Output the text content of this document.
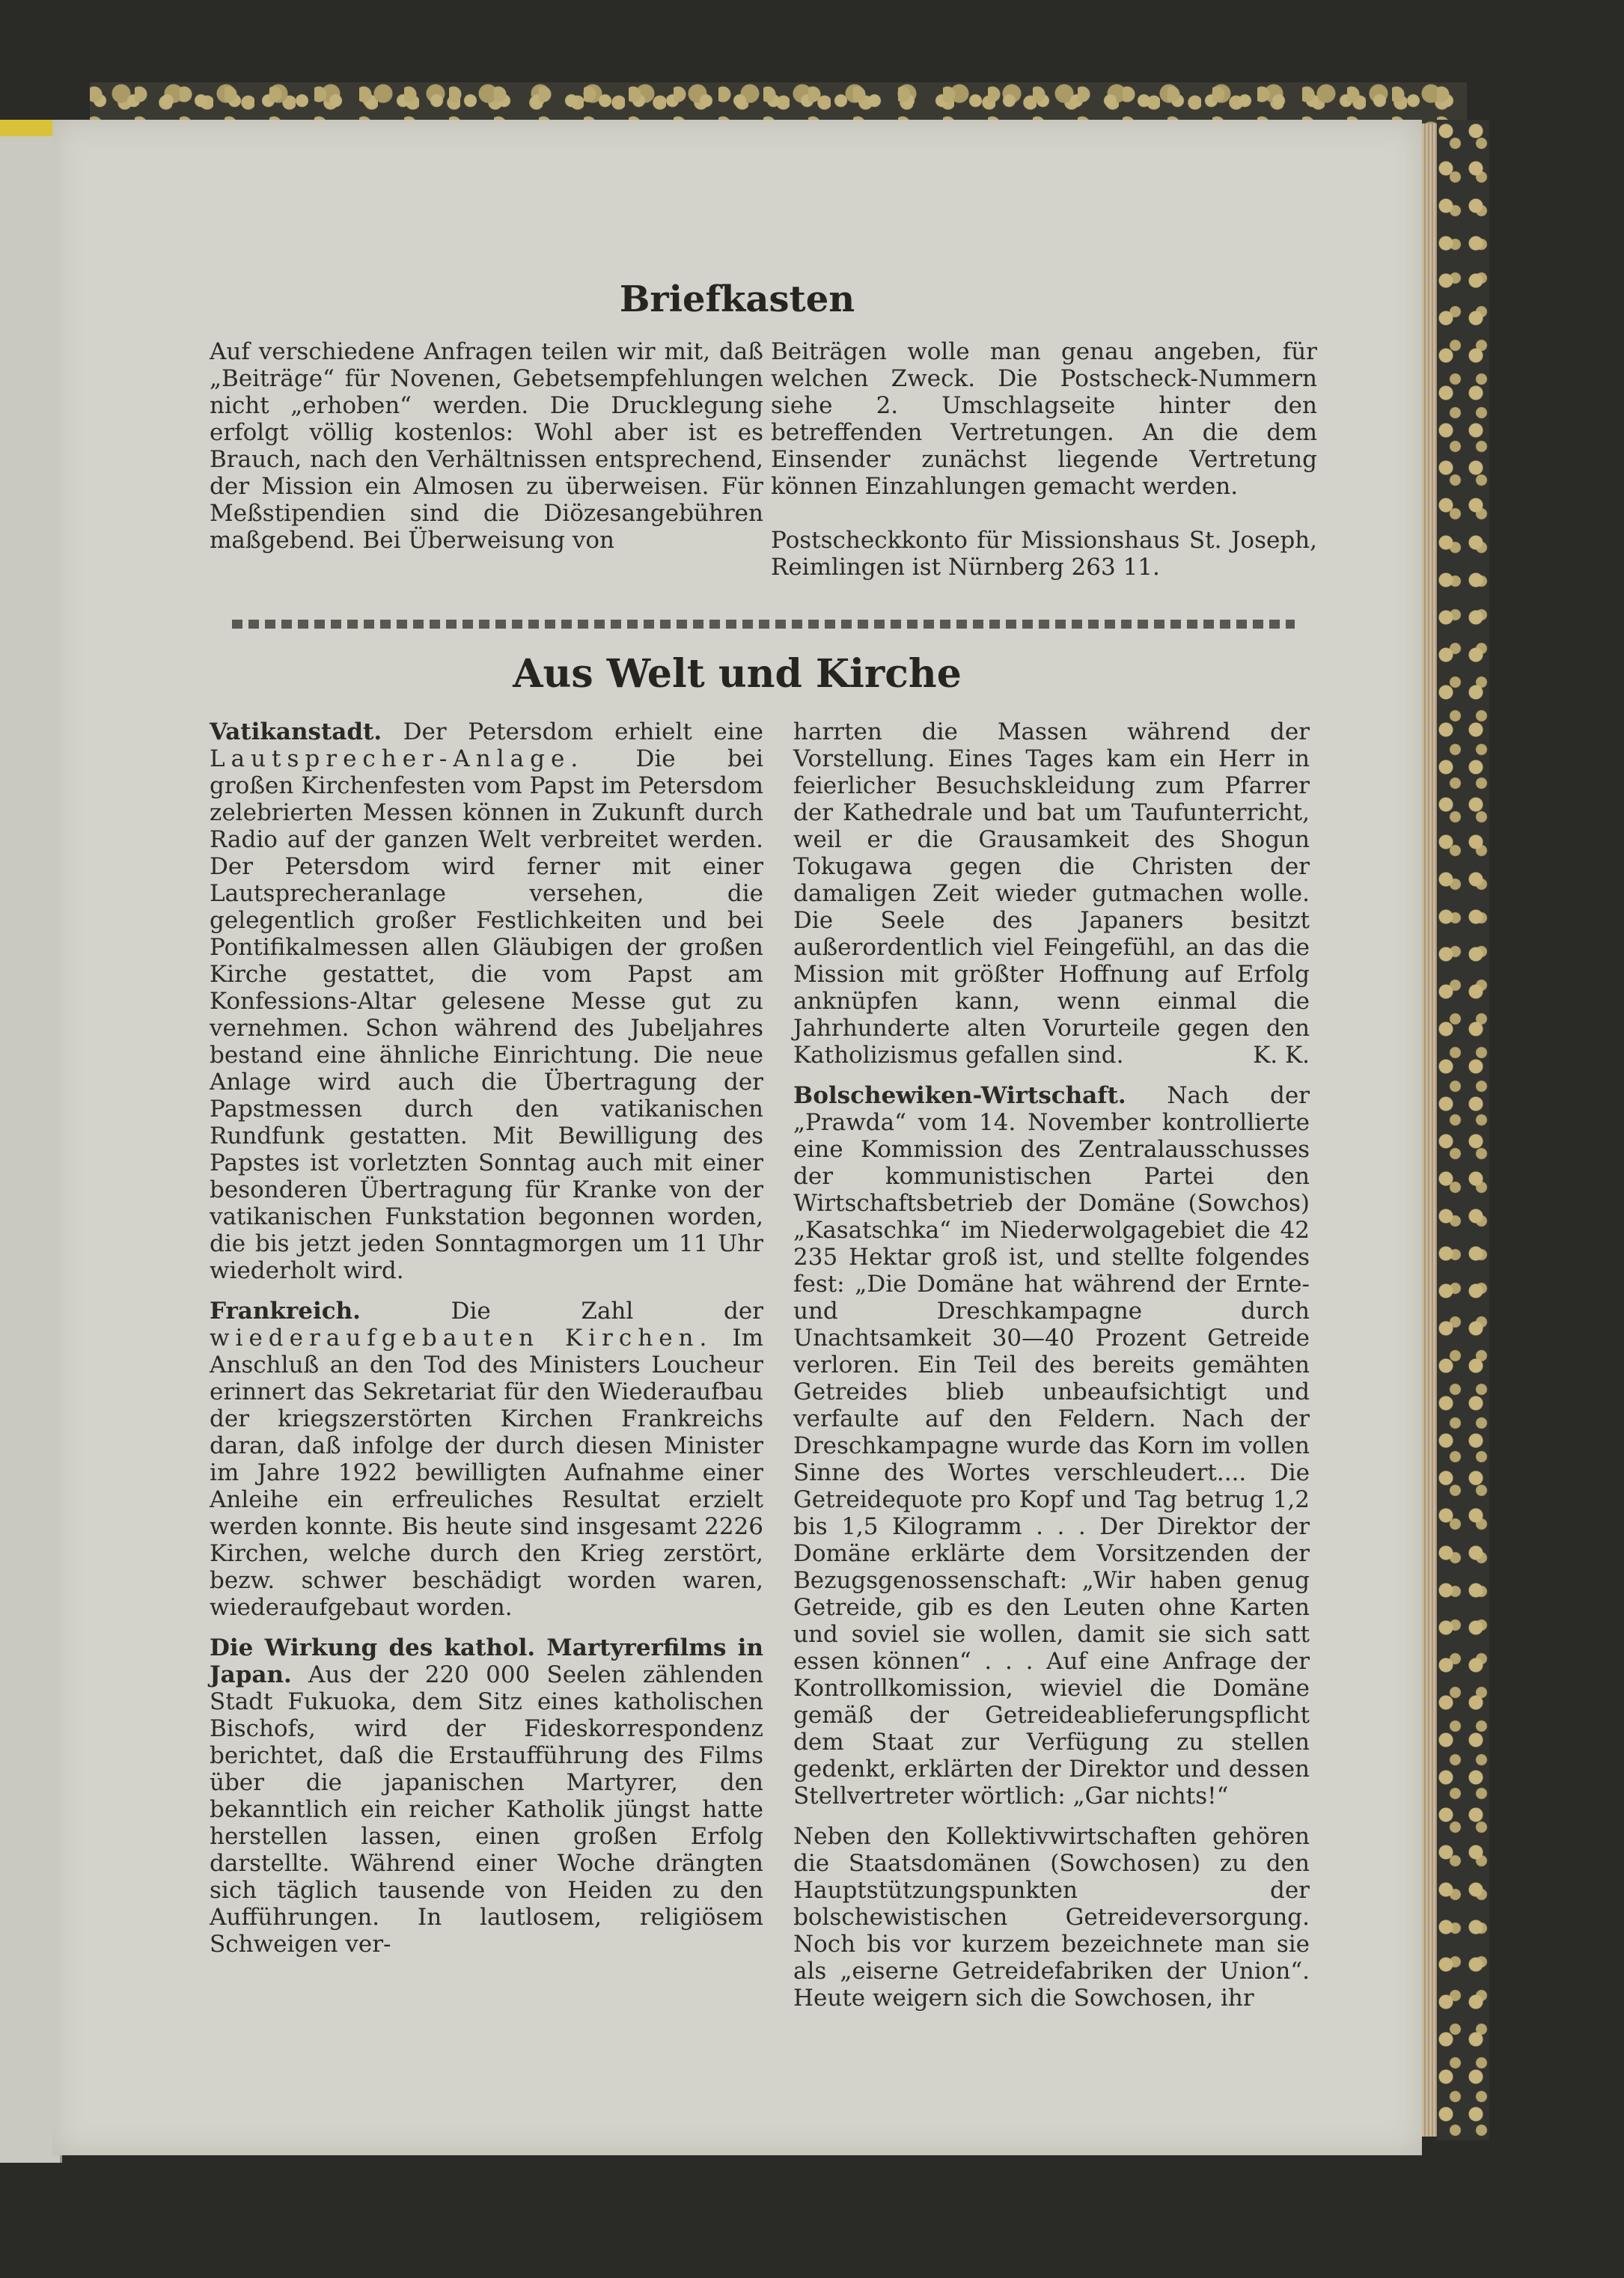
Briefkasten

Auf verschiedene Anfragen teilen wir mit, daß „Beiträge“ für Novenen, Gebetsempfehlungen nicht „erhoben“ werden. Die Drucklegung erfolgt völlig kostenlos: Wohl aber ist es Brauch, nach den Verhältnissen entsprechend, der Mission ein Almosen zu überweisen. Für Meßstipendien sind die Diözesangebühren maßgebend. Bei Überweisung von

Beiträgen wolle man genau angeben, für welchen Zweck. Die Postscheck-Nummern siehe 2. Umschlagseite hinter den betreffenden Vertretungen. An die dem Einsender zunächst liegende Vertretung können Einzahlungen gemacht werden.

Postscheckkonto für Missionshaus St. Joseph, Reimlingen ist Nürnberg 263 11.

Aus Welt und Kirche

Vatikanstadt. Der Petersdom erhielt eine Lautsprecher-Anlage. Die bei großen Kirchenfesten vom Papst im Petersdom zelebrierten Messen können in Zukunft durch Radio auf der ganzen Welt verbreitet werden. Der Petersdom wird ferner mit einer Lautsprecheranlage versehen, die gelegentlich großer Festlichkeiten und bei Pontifikalmessen allen Gläubigen der großen Kirche gestattet, die vom Papst am Konfessions-Altar gelesene Messe gut zu vernehmen. Schon während des Jubeljahres bestand eine ähnliche Einrichtung. Die neue Anlage wird auch die Übertragung der Papstmessen durch den vatikanischen Rundfunk gestatten. Mit Bewilligung des Papstes ist vorletzten Sonntag auch mit einer besonderen Übertragung für Kranke von der vatikanischen Funkstation begonnen worden, die bis jetzt jeden Sonntagmorgen um 11 Uhr wiederholt wird.

Frankreich. Die Zahl der wiederaufgebauten Kirchen. Im Anschluß an den Tod des Ministers Loucheur erinnert das Sekretariat für den Wiederaufbau der kriegszerstörten Kirchen Frankreichs daran, daß infolge der durch diesen Minister im Jahre 1922 bewilligten Aufnahme einer Anleihe ein erfreuliches Resultat erzielt werden konnte. Bis heute sind insgesamt 2226 Kirchen, welche durch den Krieg zerstört, bezw. schwer beschädigt worden waren, wiederaufgebaut worden.

Die Wirkung des kathol. Martyrerfilms in Japan. Aus der 220 000 Seelen zählenden Stadt Fukuoka, dem Sitz eines katholischen Bischofs, wird der Fideskorrespondenz berichtet, daß die Erstaufführung des Films über die japanischen Martyrer, den bekanntlich ein reicher Katholik jüngst hatte herstellen lassen, einen großen Erfolg darstellte. Während einer Woche drängten sich täglich tausende von Heiden zu den Aufführungen. In lautlosem, religiösem Schweigen ver-

harrten die Massen während der Vorstellung. Eines Tages kam ein Herr in feierlicher Besuchskleidung zum Pfarrer der Kathedrale und bat um Taufunterricht, weil er die Grausamkeit des Shogun Tokugawa gegen die Christen der damaligen Zeit wieder gutmachen wolle. Die Seele des Japaners besitzt außerordentlich viel Feingefühl, an das die Mission mit größter Hoffnung auf Erfolg anknüpfen kann, wenn einmal die Jahrhunderte alten Vorurteile gegen den Katholizismus gefallen sind.	K. K.

Bolschewiken-Wirtschaft. Nach der „Prawda“ vom 14. November kontrollierte eine Kommission des Zentralausschusses der kommunistischen Partei den Wirtschaftsbetrieb der Domäne (Sowchos) „Kasatschka“ im Niederwolgagebiet die 42 235 Hektar groß ist, und stellte folgendes fest: „Die Domäne hat während der Ernte- und Dreschkampagne durch Unachtsamkeit 30—40 Prozent Getreide verloren. Ein Teil des bereits gemähten Getreides blieb unbeaufsichtigt und verfaulte auf den Feldern. Nach der Dreschkampagne wurde das Korn im vollen Sinne des Wortes verschleudert.... Die Getreidequote pro Kopf und Tag betrug 1,2 bis 1,5 Kilogramm . . . Der Direktor der Domäne erklärte dem Vorsitzenden der Bezugsgenossenschaft: „Wir haben genug Getreide, gib es den Leuten ohne Karten und soviel sie wollen, damit sie sich satt essen können“ . . . Auf eine Anfrage der Kontrollkomission, wieviel die Domäne gemäß der Getreideablieferungspflicht dem Staat zur Verfügung zu stellen gedenkt, erklärten der Direktor und dessen Stellvertreter wörtlich: „Gar nichts!“

Neben den Kollektivwirtschaften gehören die Staatsdomänen (Sowchosen) zu den Hauptstützungspunkten der bolschewistischen Getreideversorgung. Noch bis vor kurzem bezeichnete man sie als „eiserne Getreidefabriken der Union“. Heute weigern sich die Sowchosen, ihr
